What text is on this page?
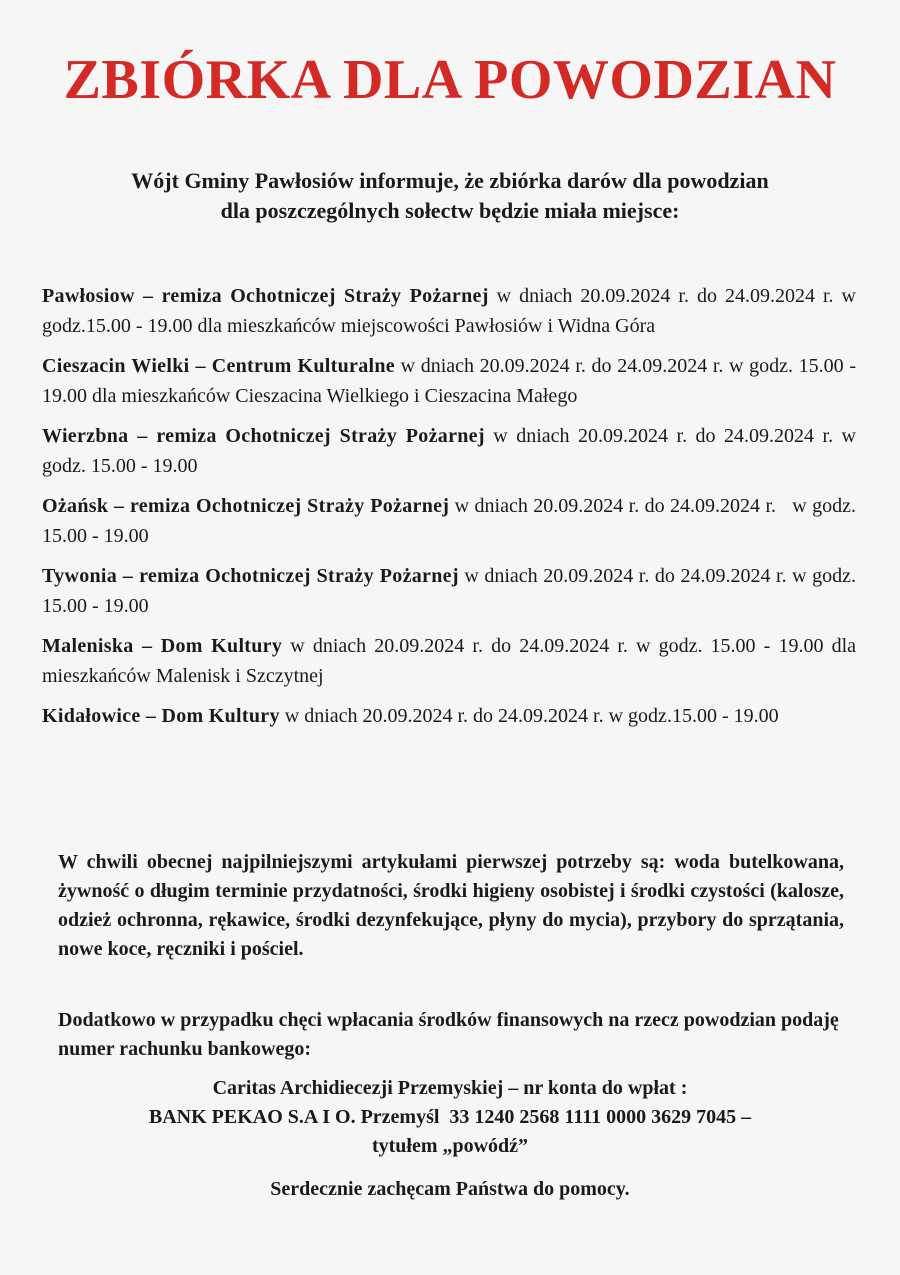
ZBIÓRKA DLA POWODZIAN

Wójt Gminy Pawłosiów informuje, że zbiórka darów dla powodzian
dla poszczególnych sołectw będzie miała miejsce:

Pawłosiow – remiza Ochotniczej Straży Pożarnej w dniach 20.09.2024 r. do 24.09.2024 r. w godz.15.00 - 19.00 dla mieszkańców miejscowości Pawłosiów i Widna Góra

Cieszacin Wielki – Centrum Kulturalne w dniach 20.09.2024 r. do 24.09.2024 r. w godz. 15.00 - 19.00 dla mieszkańców Cieszacina Wielkiego i Cieszacina Małego

Wierzbna – remiza Ochotniczej Straży Pożarnej w dniach 20.09.2024 r. do 24.09.2024 r. w godz. 15.00 - 19.00

Ożańsk – remiza Ochotniczej Straży Pożarnej w dniach 20.09.2024 r. do 24.09.2024 r.   w godz. 15.00 - 19.00

Tywonia – remiza Ochotniczej Straży Pożarnej w dniach 20.09.2024 r. do 24.09.2024 r. w godz. 15.00 - 19.00

Maleniska – Dom Kultury w dniach 20.09.2024 r. do 24.09.2024 r. w godz. 15.00 - 19.00 dla mieszkańców Malenisk i Szczytnej

Kidałowice – Dom Kultury w dniach 20.09.2024 r. do 24.09.2024 r. w godz.15.00 - 19.00

W chwili obecnej najpilniejszymi artykułami pierwszej potrzeby są: woda butelkowana, żywność o długim terminie przydatności, środki higieny osobistej i środki czystości (kalosze, odzież ochronna, rękawice, środki dezynfekujące, płyny do mycia), przybory do sprzątania, nowe koce, ręczniki i pościel.

Dodatkowo w przypadku chęci wpłacania środków finansowych na rzecz powodzian podaję numer rachunku bankowego:

Caritas Archidiecezji Przemyskiej – nr konta do wpłat :
BANK PEKAO S.A I O. Przemyśl  33 1240 2568 1111 0000 3629 7045 –
tytułem „powódź”

Serdecznie zachęcam Państwa do pomocy.
